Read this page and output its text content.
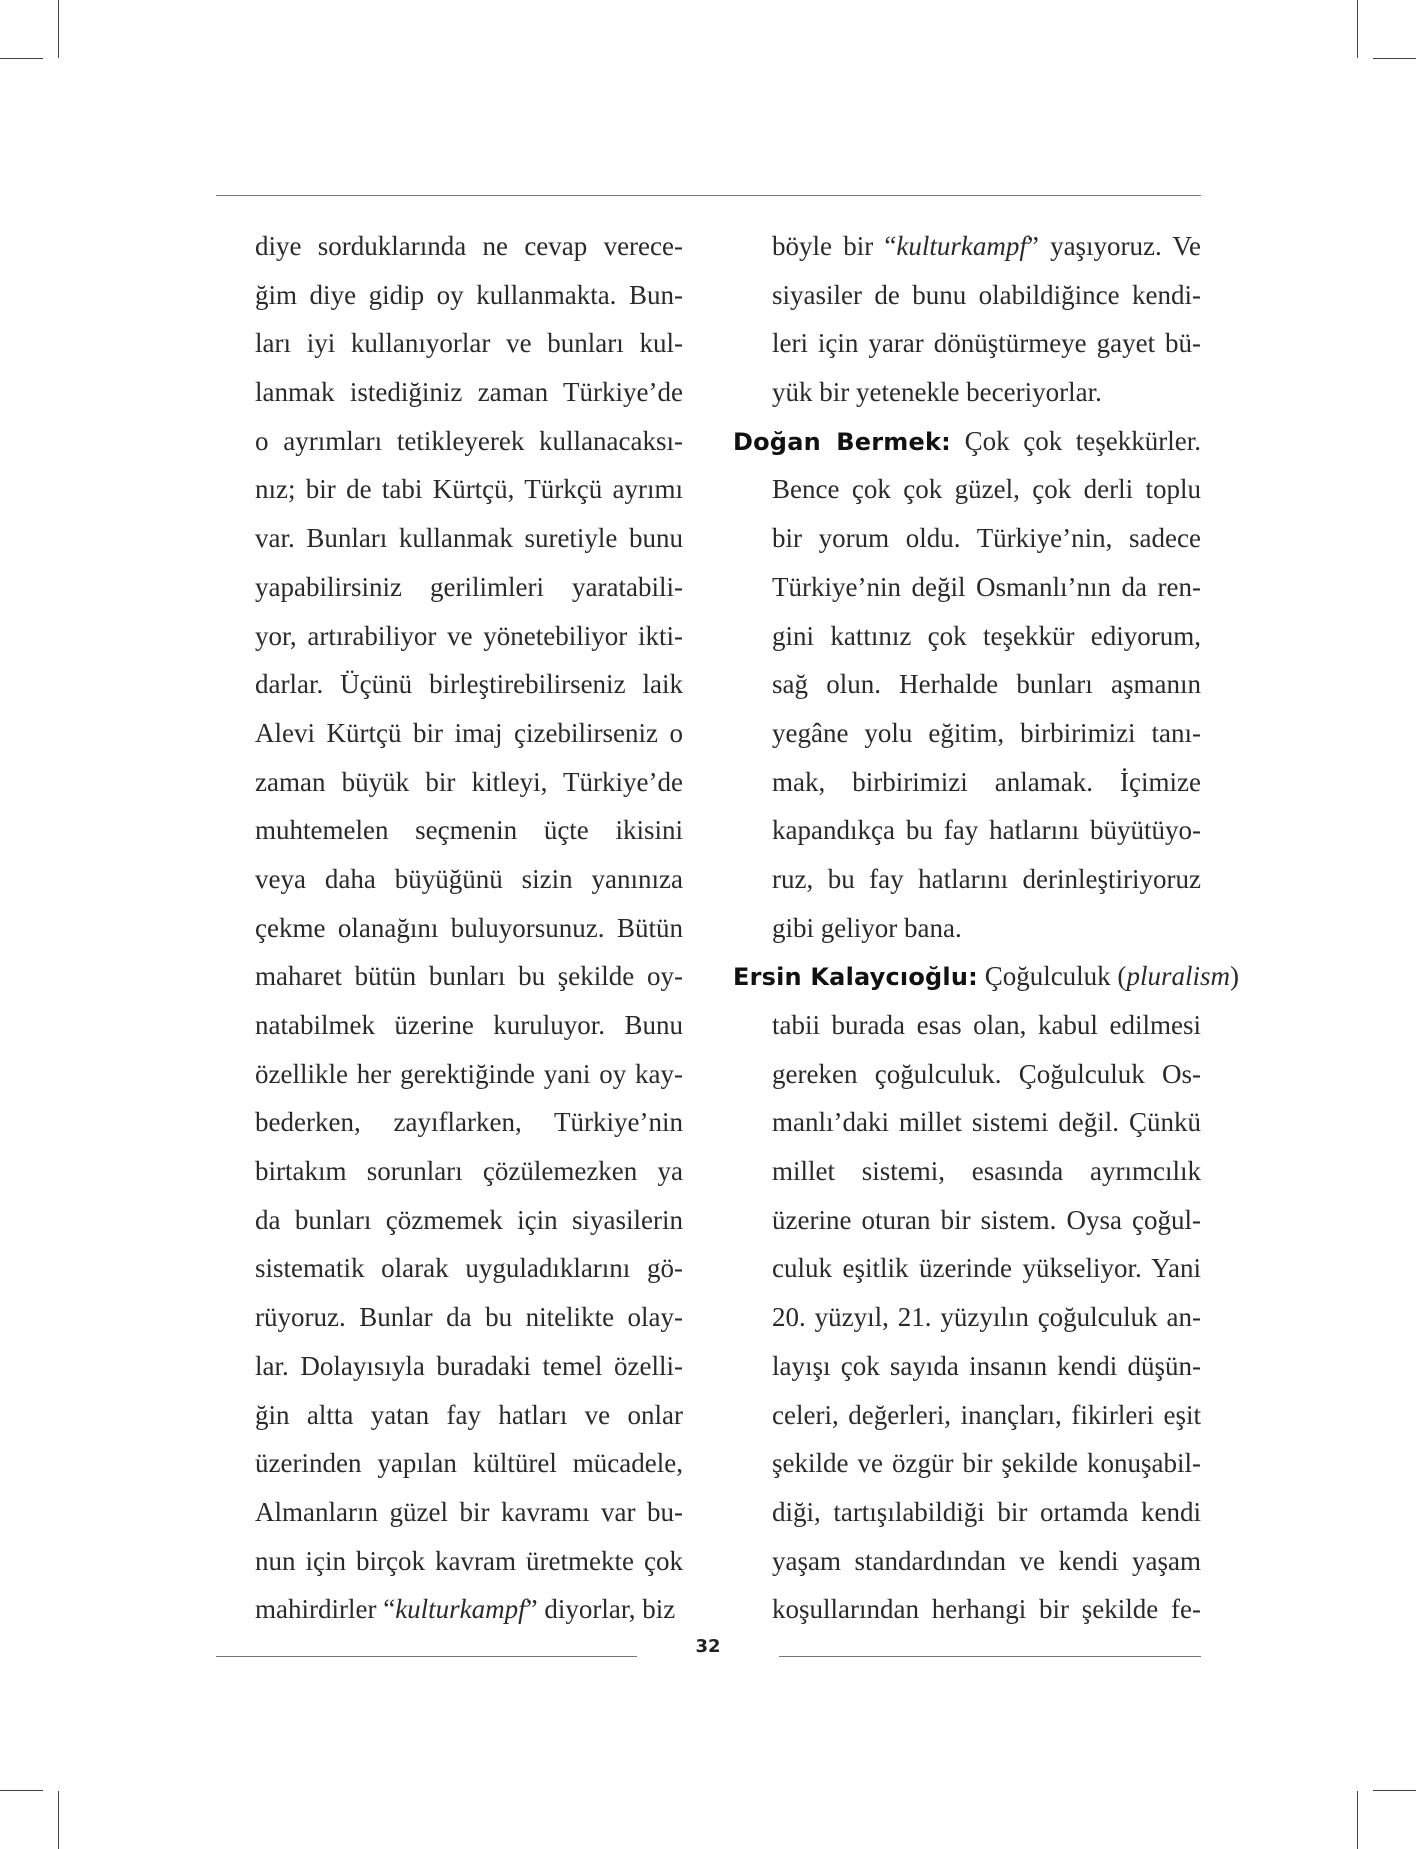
diye sorduklarında ne cevap verece-
ğim diye gidip oy kullanmakta. Bun-
ları iyi kullanıyorlar ve bunları kul-
lanmak istediğiniz zaman Türkiye’de
o ayrımları tetikleyerek kullanacaksı-
nız; bir de tabi Kürtçü, Türkçü ayrımı
var. Bunları kullanmak suretiyle bunu
yapabilirsiniz gerilimleri yaratabili-
yor, artırabiliyor ve yönetebiliyor ikti-
darlar. Üçünü birleştirebilirseniz laik
Alevi Kürtçü bir imaj çizebilirseniz o
zaman büyük bir kitleyi, Türkiye’de
muhtemelen seçmenin üçte ikisini
veya daha büyüğünü sizin yanınıza
çekme olanağını buluyorsunuz. Bütün
maharet bütün bunları bu şekilde oy-
natabilmek üzerine kuruluyor. Bunu
özellikle her gerektiğinde yani oy kay-
bederken, zayıflarken, Türkiye’nin
birtakım sorunları çözülemezken ya
da bunları çözmemek için siyasilerin
sistematik olarak uyguladıklarını gö-
rüyoruz. Bunlar da bu nitelikte olay-
lar. Dolayısıyla buradaki temel özelli-
ğin altta yatan fay hatları ve onlar
üzerinden yapılan kültürel mücadele,
Almanların güzel bir kavramı var bu-
nun için birçok kavram üretmekte çok
mahirdirler “kulturkampf” diyorlar, biz
böyle bir “kulturkampf” yaşıyoruz. Ve
siyasiler de bunu olabildiğince kendi-
leri için yarar dönüştürmeye gayet bü-
yük bir yetenekle beceriyorlar.
Doğan Bermek: Çok çok teşekkürler.
Bence çok çok güzel, çok derli toplu
bir yorum oldu. Türkiye’nin, sadece
Türkiye’nin değil Osmanlı’nın da ren-
gini kattınız çok teşekkür ediyorum,
sağ olun. Herhalde bunları aşmanın
yegâne yolu eğitim, birbirimizi tanı-
mak, birbirimizi anlamak. İçimize
kapandıkça bu fay hatlarını büyütüyo-
ruz, bu fay hatlarını derinleştiriyoruz
gibi geliyor bana.
Ersin Kalaycıoğlu: Çoğulculuk (pluralism)
tabii burada esas olan, kabul edilmesi
gereken çoğulculuk. Çoğulculuk Os-
manlı’daki millet sistemi değil. Çünkü
millet sistemi, esasında ayrımcılık
üzerine oturan bir sistem. Oysa çoğul-
culuk eşitlik üzerinde yükseliyor. Yani
20. yüzyıl, 21. yüzyılın çoğulculuk an-
layışı çok sayıda insanın kendi düşün-
celeri, değerleri, inançları, fikirleri eşit
şekilde ve özgür bir şekilde konuşabil-
diği, tartışılabildiği bir ortamda kendi
yaşam standardından ve kendi yaşam
koşullarından herhangi bir şekilde fe-
32
